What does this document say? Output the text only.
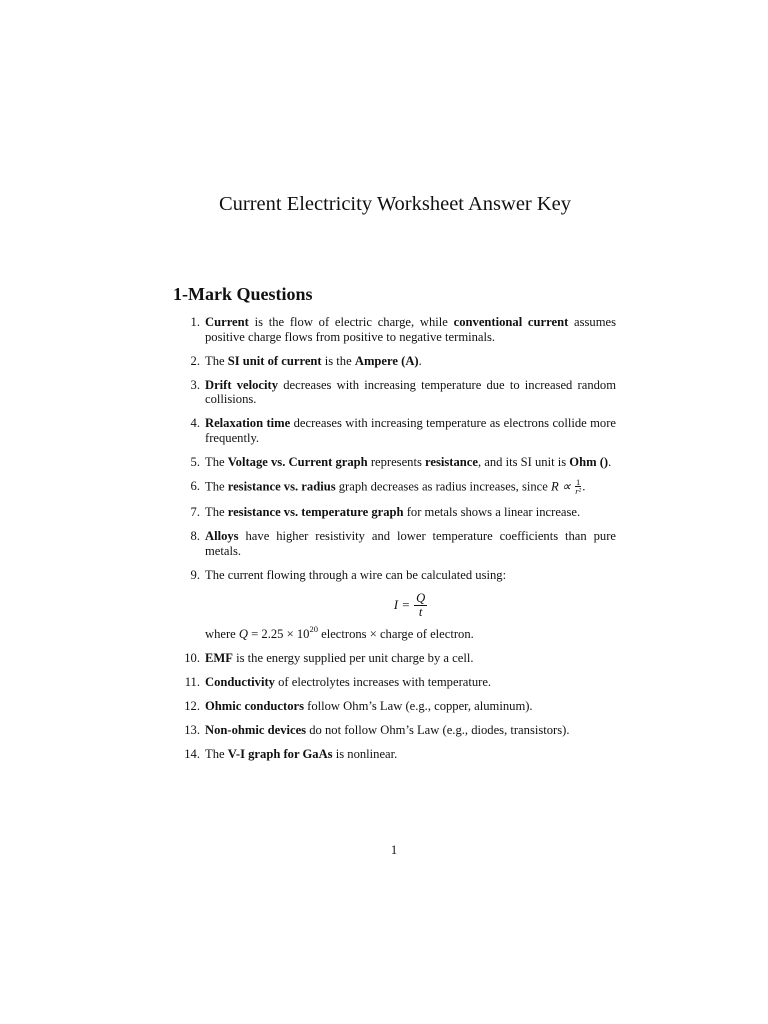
Current Electricity Worksheet Answer Key
1-Mark Questions
1. Current is the flow of electric charge, while conventional current assumes positive charge flows from positive to negative terminals.
2. The SI unit of current is the Ampere (A).
3. Drift velocity decreases with increasing temperature due to increased random collisions.
4. Relaxation time decreases with increasing temperature as electrons collide more frequently.
5. The Voltage vs. Current graph represents resistance, and its SI unit is Ohm ().
6. The resistance vs. radius graph decreases as radius increases, since $R \propto \frac{1}{\text{r²}}$ .
7. The resistance vs. temperature graph for metals shows a linear increase.
8. Alloys have higher resistivity and lower temperature coefficients than pure metals.
9. The current flowing through a wire can be calculated using:
$I = \frac{Q}{t}$
where $Q = 2.25 \times 10^{20}$ electrons × charge of electron.
10. EMF is the energy supplied per unit charge by a cell.
11. Conductivity of electrolytes increases with temperature.
12. Ohmic conductors follow Ohm’s Law (e.g., copper, aluminum).
13. Non-ohmic devices do not follow Ohm’s Law (e.g., diodes, transistors).
14. The V-I graph for GaAs is nonlinear.
1
